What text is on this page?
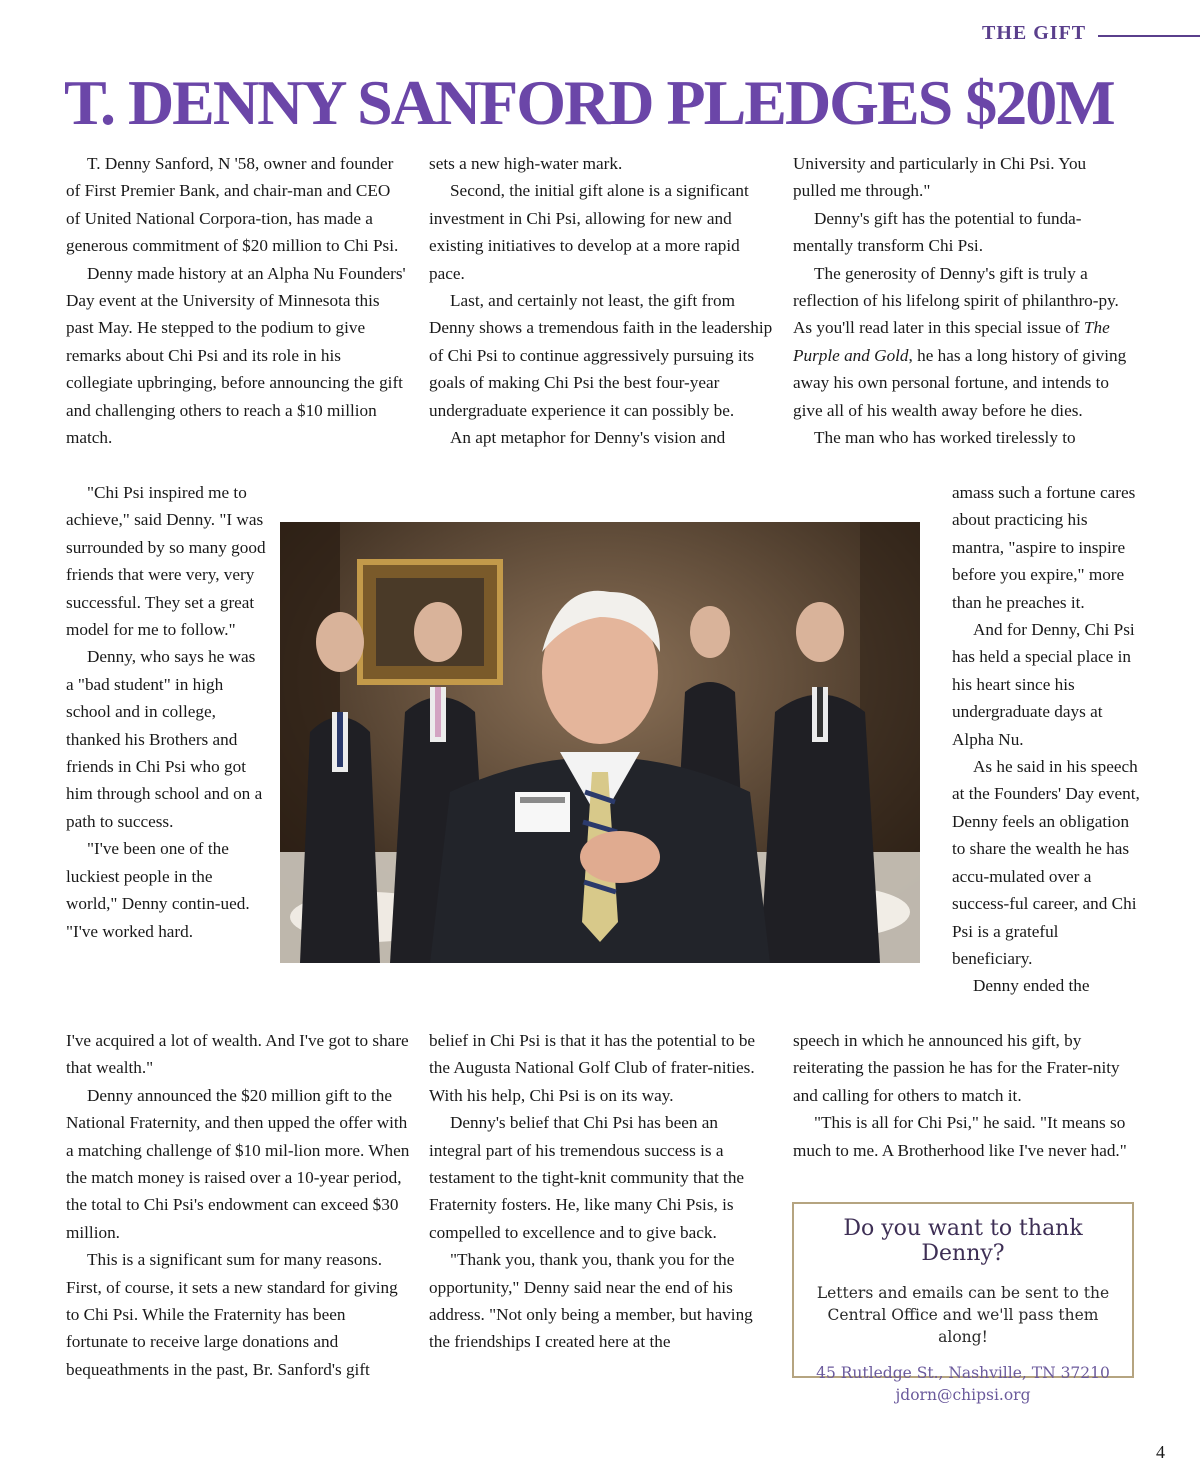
THE GIFT
T. DENNY SANFORD PLEDGES $20M

T. Denny Sanford, N '58, owner and founder of First Premier Bank, and chair-man and CEO of United National Corpora-tion, has made a generous commitment of $20 million to Chi Psi.

Denny made history at an Alpha Nu Founders' Day event at the University of Minnesota this past May. He stepped to the podium to give remarks about Chi Psi and its role in his collegiate upbringing, before announcing the gift and challenging others to reach a $10 million match.

"Chi Psi inspired me to achieve," said Denny. "I was surrounded by so many good friends that were very, very successful. They set a great model for me to follow."

Denny, who says he was a "bad student" in high school and in college, thanked his Brothers and friends in Chi Psi who got him through school and on a path to success.

"I've been one of the luckiest people in the world," Denny contin-ued. "I've worked hard.

I've acquired a lot of wealth. And I've got to share that wealth."

Denny announced the $20 million gift to the National Fraternity, and then upped the offer with a matching challenge of $10 mil-lion more. When the match money is raised over a 10-year period, the total to Chi Psi's endowment can exceed $30 million.

This is a significant sum for many reasons. First, of course, it sets a new standard for giving to Chi Psi. While the Fraternity has been fortunate to receive large donations and bequeathments in the past, Br. Sanford's gift

sets a new high-water mark.

Second, the initial gift alone is a significant investment in Chi Psi, allowing for new and existing initiatives to develop at a more rapid pace.

Last, and certainly not least, the gift from Denny shows a tremendous faith in the leadership of Chi Psi to continue aggressively pursuing its goals of making Chi Psi the best four-year undergraduate experience it can possibly be.

An apt metaphor for Denny's vision and

belief in Chi Psi is that it has the potential to be the Augusta National Golf Club of frater-nities. With his help, Chi Psi is on its way.

Denny's belief that Chi Psi has been an integral part of his tremendous success is a testament to the tight-knit community that the Fraternity fosters. He, like many Chi Psis, is compelled to excellence and to give back.

"Thank you, thank you, thank you for the opportunity," Denny said near the end of his address. "Not only being a member, but having the friendships I created here at the

University and particularly in Chi Psi. You pulled me through."

Denny's gift has the potential to funda-mentally transform Chi Psi.

The generosity of Denny's gift is truly a reflection of his lifelong spirit of philanthro-py. As you'll read later in this special issue of The Purple and Gold, he has a long history of giving away his own personal fortune, and intends to give all of his wealth away before he dies.

The man who has worked tirelessly to

amass such a fortune cares about practicing his mantra, "aspire to inspire before you expire," more than he preaches it.

And for Denny, Chi Psi has held a special place in his heart since his undergraduate days at Alpha Nu.

As he said in his speech at the Founders' Day event, Denny feels an obligation to share the wealth he has accu-mulated over a success-ful career, and Chi Psi is a grateful beneficiary.

Denny ended the

speech in which he announced his gift, by reiterating the passion he has for the Frater-nity and calling for others to match it.

"This is all for Chi Psi," he said. "It means so much to me. A Brotherhood like I've never had."

Do you want to thank Denny?
Letters and emails can be sent to the Central Office and we'll pass them along!
45 Rutledge St., Nashville, TN 37210
jdorn@chipsi.org
4
